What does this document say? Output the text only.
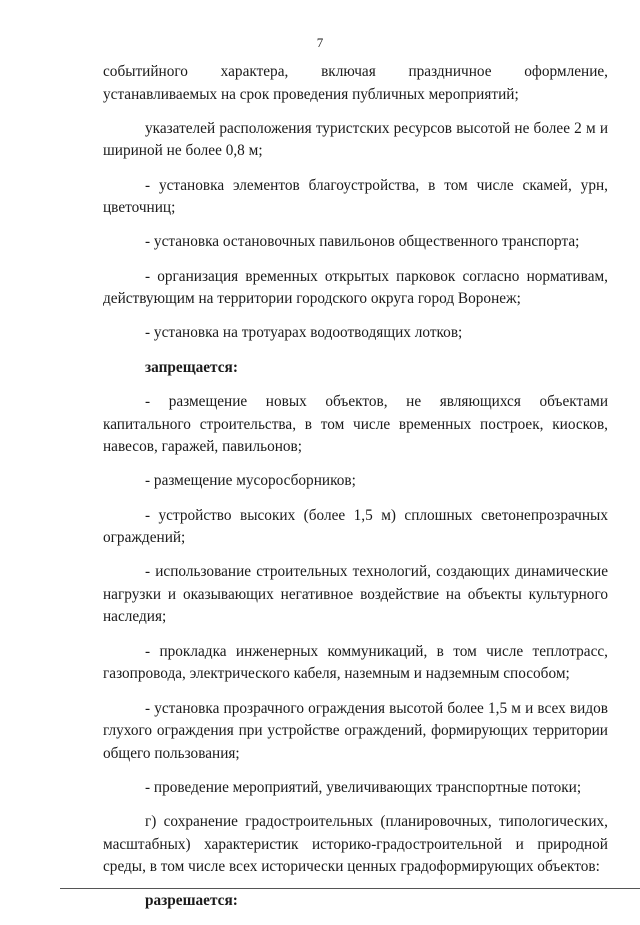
7

событийного характера, включая праздничное оформление, устанавливаемых на срок проведения публичных мероприятий;

указателей расположения туристских ресурсов высотой не более 2 м и шириной не более 0,8 м;

- установка элементов благоустройства, в том числе скамей, урн, цветочниц;

- установка остановочных павильонов общественного транспорта;

- организация временных открытых парковок согласно нормативам, действующим на территории городского округа город Воронеж;

- установка на тротуарах водоотводящих лотков;

запрещается:

- размещение новых объектов, не являющихся объектами капитального строительства, в том числе временных построек, киосков, навесов, гаражей, павильонов;

- размещение мусоросборников;

- устройство высоких (более 1,5 м) сплошных светонепрозрачных ограждений;

- использование строительных технологий, создающих динамические нагрузки и оказывающих негативное воздействие на объекты культурного наследия;

- прокладка инженерных коммуникаций, в том числе теплотрасс, газопровода, электрического кабеля, наземным и надземным способом;

- установка прозрачного ограждения высотой более 1,5 м и всех видов глухого ограждения при устройстве ограждений, формирующих территории общего пользования;

- проведение мероприятий, увеличивающих транспортные потоки;

г) сохранение градостроительных (планировочных, типологических, масштабных) характеристик историко-градостроительной и природной среды, в том числе всех исторически ценных градоформирующих объектов:

разрешается:
